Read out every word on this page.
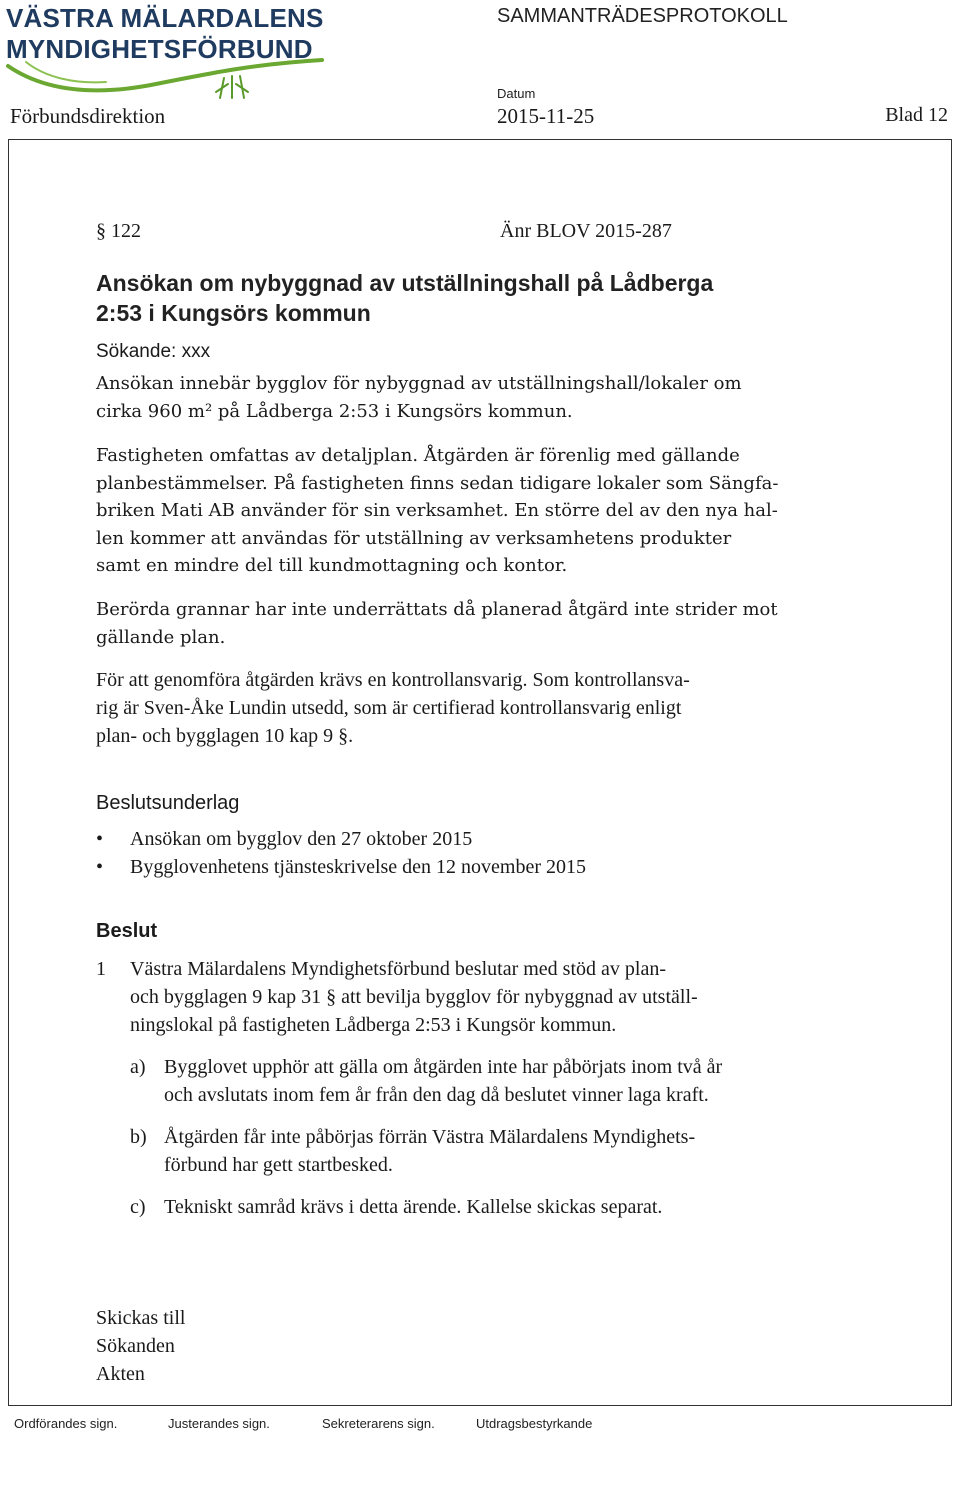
VÄSTRA MÄLARDALENS
MYNDIGHETSFÖRBUND
SAMMANTRÄDESPROTOKOLL
Datum
Förbundsdirektion	2015-11-25	Blad 12
§ 122	Änr BLOV 2015-287
Ansökan om nybyggnad av utställningshall på Lådberga
2:53 i Kungsörs kommun
Sökande: xxx
Ansökan innebär bygglov för nybyggnad av utställningshall/lokaler om
cirka 960 m² på Lådberga 2:53 i Kungsörs kommun.
Fastigheten omfattas av detaljplan. Åtgärden är förenlig med gällande
planbestämmelser. På fastigheten finns sedan tidigare lokaler som Sängfa-
briken Mati AB använder för sin verksamhet. En större del av den nya hal-
len kommer att användas för utställning av verksamhetens produkter
samt en mindre del till kundmottagning och kontor.
Berörda grannar har inte underrättats då planerad åtgärd inte strider mot
gällande plan.
För att genomföra åtgärden krävs en kontrollansvarig. Som kontrollansva-
rig är Sven-Åke Lundin utsedd, som är certifierad kontrollansvarig enligt
plan- och bygglagen 10 kap 9 §.
Beslutsunderlag
•	Ansökan om bygglov den 27 oktober 2015
•	Bygglovenhetens tjänsteskrivelse den 12 november 2015
Beslut
1 Västra Mälardalens Myndighetsförbund beslutar med stöd av plan-
och bygglagen 9 kap 31 § att bevilja bygglov för nybyggnad av utställ-
ningslokal på fastigheten Lådberga 2:53 i Kungsör kommun.
a) Bygglovet upphör att gälla om åtgärden inte har påbörjats inom två år
och avslutats inom fem år från den dag då beslutet vinner laga kraft.
b) Åtgärden får inte påbörjas förrän Västra Mälardalens Myndighets-
förbund har gett startbesked.
c) Tekniskt samråd krävs i detta ärende. Kallelse skickas separat.
Skickas till
Sökanden
Akten
Ordförandes sign.	Justerandes sign.	Sekreterarens sign.	Utdragsbestyrkande
